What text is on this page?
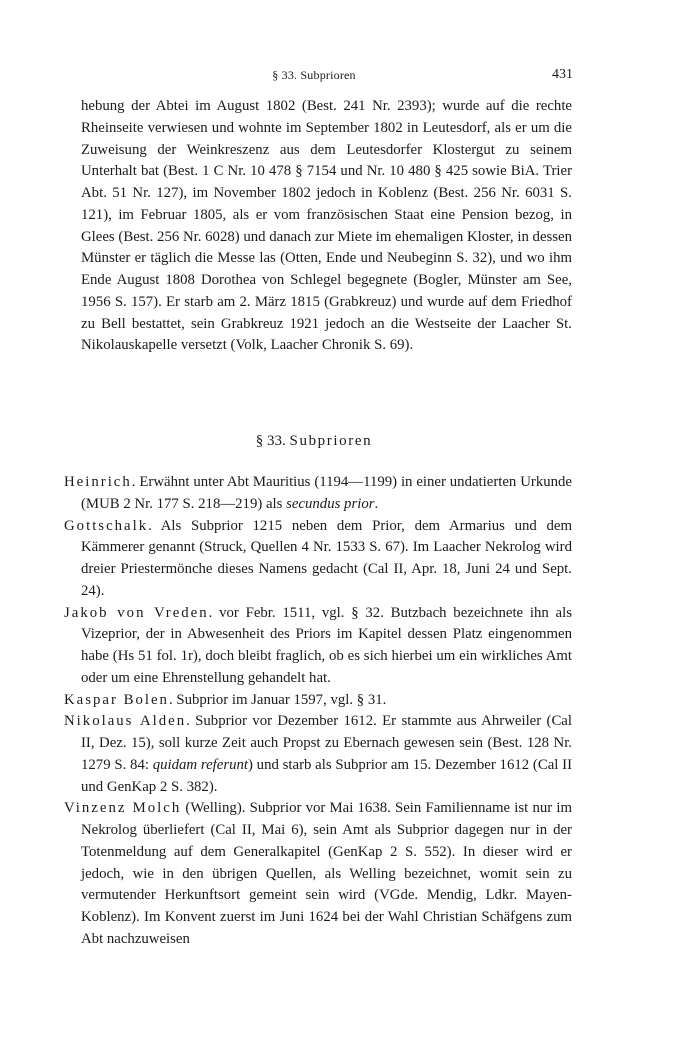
§ 33. Subprioren	431

hebung der Abtei im August 1802 (Best. 241 Nr. 2393); wurde auf die rechte Rheinseite verwiesen und wohnte im September 1802 in Leutesdorf, als er um die Zuweisung der Weinkreszenz aus dem Leutesdorfer Klostergut zu seinem Unterhalt bat (Best. 1 C Nr. 10 478 § 7154 und Nr. 10 480 § 425 sowie BiA. Trier Abt. 51 Nr. 127), im November 1802 jedoch in Koblenz (Best. 256 Nr. 6031 S. 121), im Februar 1805, als er vom französischen Staat eine Pension bezog, in Glees (Best. 256 Nr. 6028) und danach zur Miete im ehemaligen Kloster, in dessen Münster er täglich die Messe las (Otten, Ende und Neubeginn S. 32), und wo ihm Ende August 1808 Dorothea von Schlegel begegnete (Bogler, Münster am See, 1956 S. 157). Er starb am 2. März 1815 (Grabkreuz) und wurde auf dem Friedhof zu Bell bestattet, sein Grabkreuz 1921 jedoch an die Westseite der Laacher St. Nikolauskapelle versetzt (Volk, Laacher Chronik S. 69).

§ 33. Subprioren

Heinrich. Erwähnt unter Abt Mauritius (1194—1199) in einer undatierten Urkunde (MUB 2 Nr. 177 S. 218—219) als secundus prior.

Gottschalk. Als Subprior 1215 neben dem Prior, dem Armarius und dem Kämmerer genannt (Struck, Quellen 4 Nr. 1533 S. 67). Im Laacher Nekrolog wird dreier Priestermönche dieses Namens gedacht (Cal II, Apr. 18, Juni 24 und Sept. 24).

Jakob von Vreden. vor Febr. 1511, vgl. § 32. Butzbach bezeichnete ihn als Vizeprior, der in Abwesenheit des Priors im Kapitel dessen Platz eingenommen habe (Hs 51 fol. 1r), doch bleibt fraglich, ob es sich hierbei um ein wirkliches Amt oder um eine Ehrenstellung gehandelt hat.

Kaspar Bolen. Subprior im Januar 1597, vgl. § 31.

Nikolaus Alden. Subprior vor Dezember 1612. Er stammte aus Ahrweiler (Cal II, Dez. 15), soll kurze Zeit auch Propst zu Ebernach gewesen sein (Best. 128 Nr. 1279 S. 84: quidam referunt) und starb als Subprior am 15. Dezember 1612 (Cal II und GenKap 2 S. 382).

Vinzenz Molch (Welling). Subprior vor Mai 1638. Sein Familienname ist nur im Nekrolog überliefert (Cal II, Mai 6), sein Amt als Subprior dagegen nur in der Totenmeldung auf dem Generalkapitel (GenKap 2 S. 552). In dieser wird er jedoch, wie in den übrigen Quellen, als Welling bezeichnet, womit sein zu vermutender Herkunftsort gemeint sein wird (VGde. Mendig, Ldkr. Mayen-Koblenz). Im Konvent zuerst im Juni 1624 bei der Wahl Christian Schäfgens zum Abt nachzuweisen
